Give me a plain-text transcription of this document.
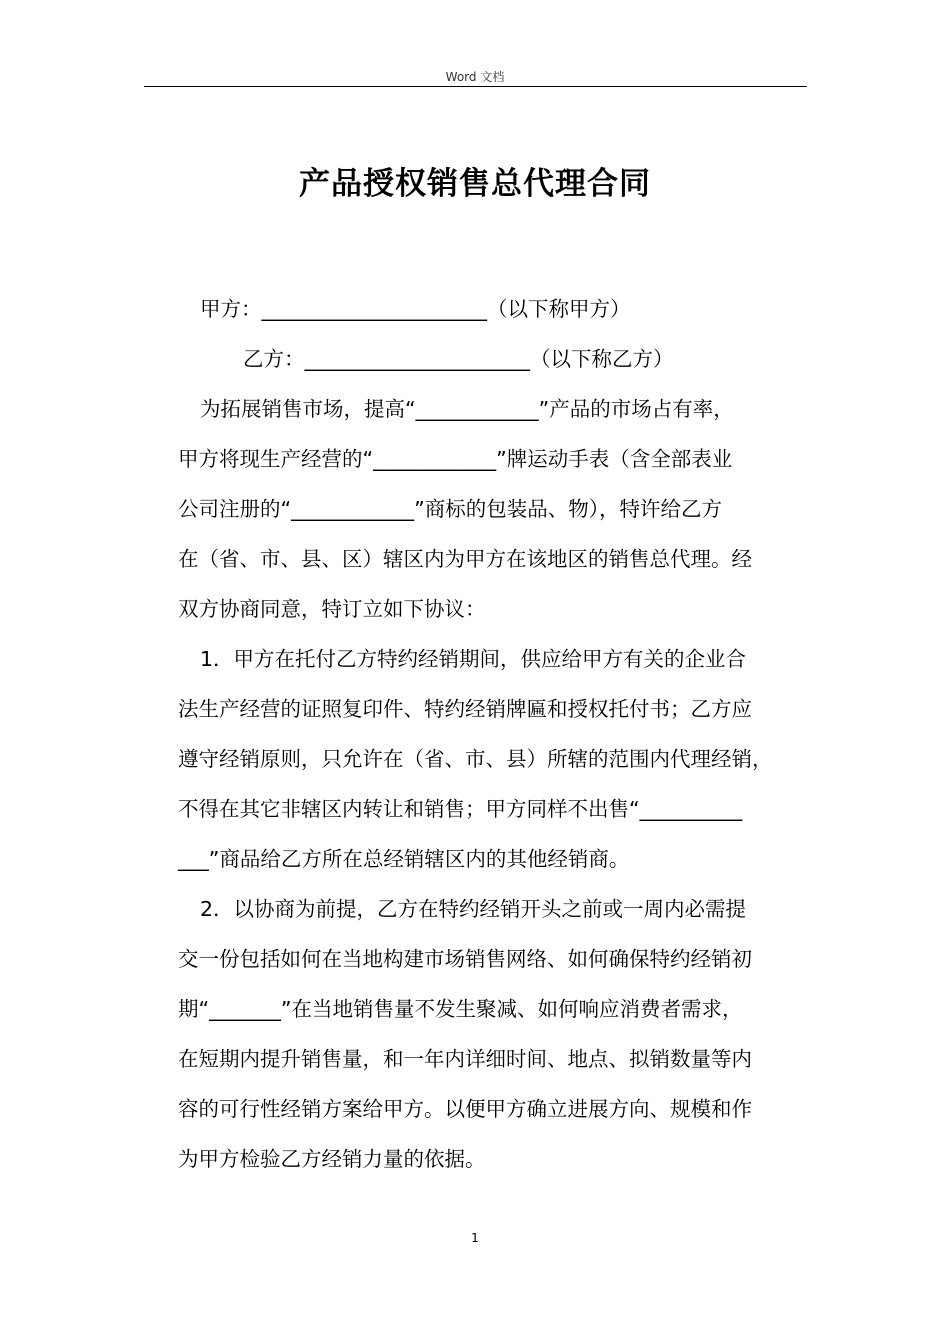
Word 文档
产品授权销售总代理合同
甲方：______________________（以下称甲方）
乙方：______________________（以下称乙方）
为拓展销售市场，提高“____________”产品的市场占有率，
甲方将现生产经营的“____________”牌运动手表（含全部表业
公司注册的“____________”商标的包装品、物），特许给乙方
在（省、市、县、区）辖区内为甲方在该地区的销售总代理。经
双方协商同意，特订立如下协议：
1．甲方在托付乙方特约经销期间，供应给甲方有关的企业合
法生产经营的证照复印件、特约经销牌匾和授权托付书；乙方应
遵守经销原则，只允许在（省、市、县）所辖的范围内代理经销，
不得在其它非辖区内转让和销售；甲方同样不出售“__________
___”商品给乙方所在总经销辖区内的其他经销商。
2．以协商为前提，乙方在特约经销开头之前或一周内必需提
交一份包括如何在当地构建市场销售网络、如何确保特约经销初
期“_______”在当地销售量不发生聚减、如何响应消费者需求，
在短期内提升销售量，和一年内详细时间、地点、拟销数量等内
容的可行性经销方案给甲方。以便甲方确立进展方向、规模和作
为甲方检验乙方经销力量的依据。
1
